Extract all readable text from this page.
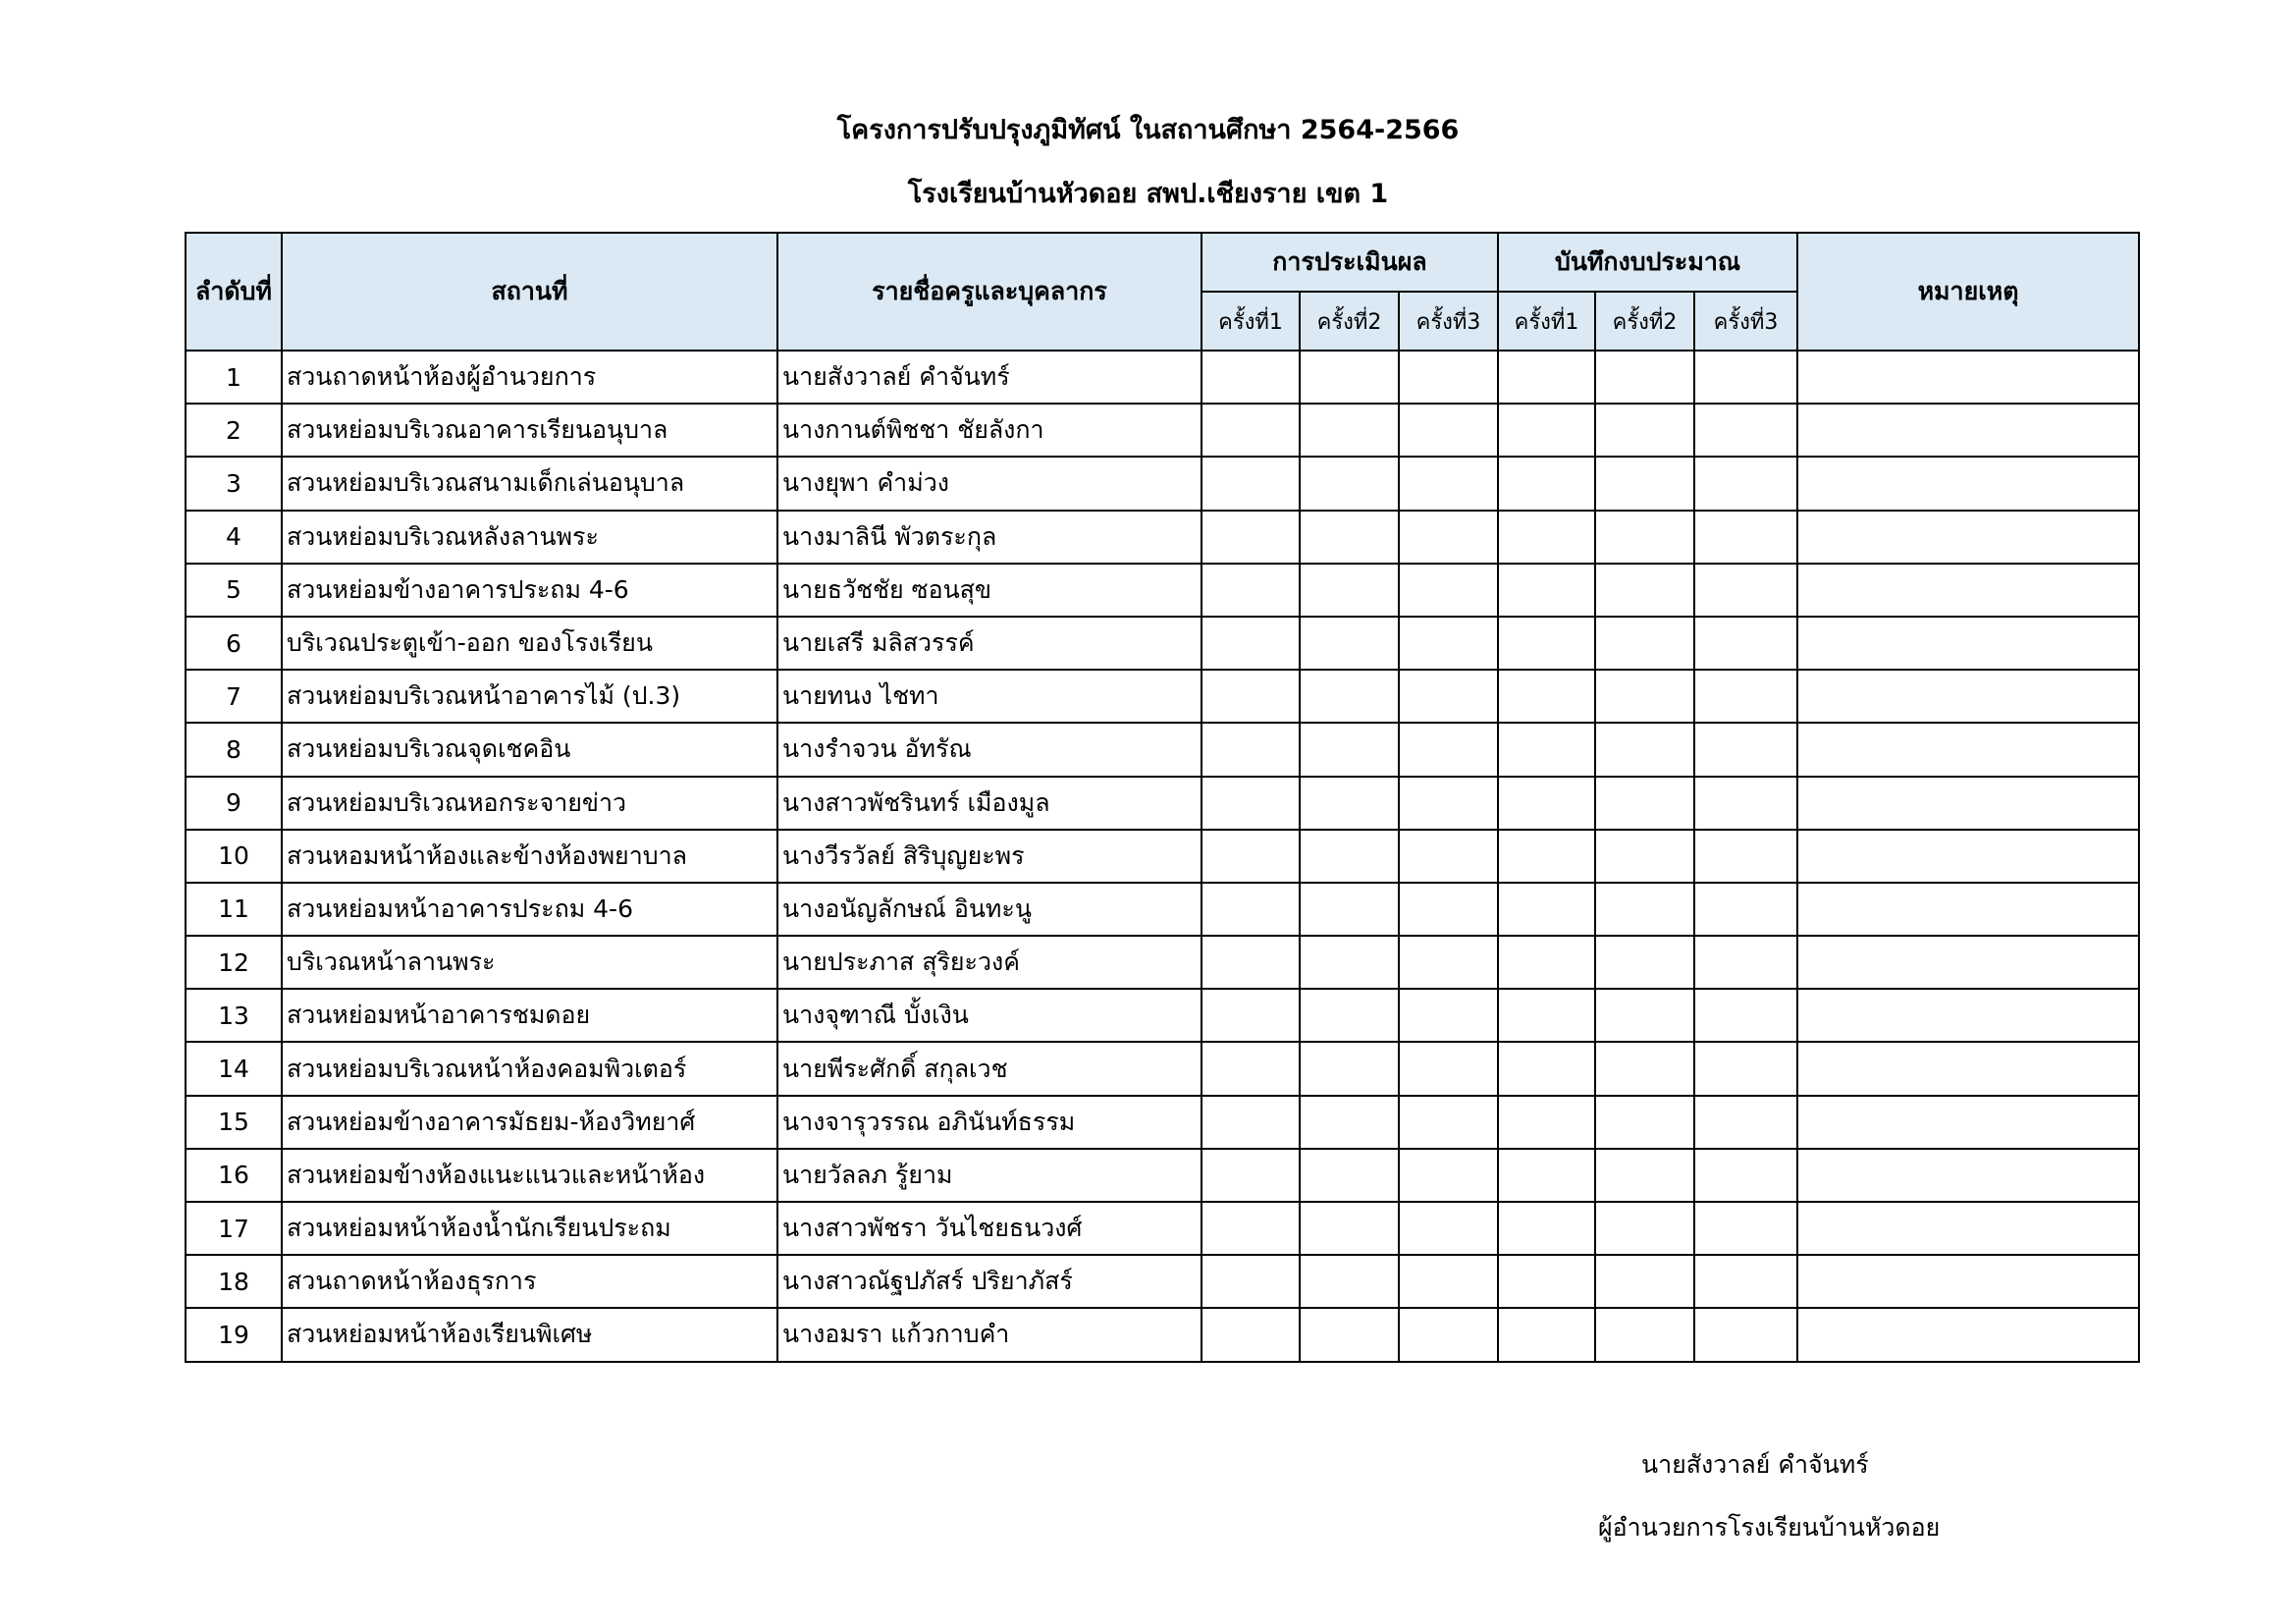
โครงการปรับปรุงภูมิทัศน์ ในสถานศึกษา 2564-2566
โรงเรียนบ้านหัวดอย สพป.เชียงราย เขต 1
ลำดับที่	สถานที่	รายชื่อครูและบุคลากร	การประเมินผล			บันทึกงบประมาณ			หมายเหตุ
			ครั้งที่1	ครั้งที่2	ครั้งที่3	ครั้งที่1	ครั้งที่2	ครั้งที่3	
1	สวนถาดหน้าห้องผู้อำนวยการ	นายสังวาลย์ คำจันทร์							
2	สวนหย่อมบริเวณอาคารเรียนอนุบาล	นางกานต์พิชชา ชัยลังกา							
3	สวนหย่อมบริเวณสนามเด็กเล่นอนุบาล	นางยุพา คำม่วง							
4	สวนหย่อมบริเวณหลังลานพระ	นางมาลินี พัวตระกุล							
5	สวนหย่อมข้างอาคารประถม 4-6	นายธวัชชัย ซอนสุข							
6	บริเวณประตูเข้า-ออก ของโรงเรียน	นายเสรี มลิสวรรค์							
7	สวนหย่อมบริเวณหน้าอาคารไม้ (ป.3)	นายทนง ไชทา							
8	สวนหย่อมบริเวณจุดเชคอิน	นางรำจวน อัทรัณ							
9	สวนหย่อมบริเวณหอกระจายข่าว	นางสาวพัชรินทร์ เมืองมูล							
10	สวนหอมหน้าห้องและข้างห้องพยาบาล	นางวีรวัลย์ สิริบุญยะพร							
11	สวนหย่อมหน้าอาคารประถม 4-6	นางอนัญลักษณ์ อินทะนู							
12	บริเวณหน้าลานพระ	นายประภาส สุริยะวงค์							
13	สวนหย่อมหน้าอาคารชมดอย	นางจุฑาณี บั้งเงิน							
14	สวนหย่อมบริเวณหน้าห้องคอมพิวเตอร์	นายพีระศักดิ์ สกุลเวช							
15	สวนหย่อมข้างอาคารมัธยม-ห้องวิทยาศ์	นางจารุวรรณ อภินันท์ธรรม							
16	สวนหย่อมข้างห้องแนะแนวและหน้าห้อง	นายวัลลภ รู้ยาม							
17	สวนหย่อมหน้าห้องน้ำนักเรียนประถม	นางสาวพัชรา วันไชยธนวงศ์							
18	สวนถาดหน้าห้องธุรการ	นางสาวณัฐปภัสร์ ปริยาภัสร์							
19	สวนหย่อมหน้าห้องเรียนพิเศษ	นางอมรา แก้วกาบคำ							
นายสังวาลย์ คำจันทร์
ผู้อำนวยการโรงเรียนบ้านหัวดอย
